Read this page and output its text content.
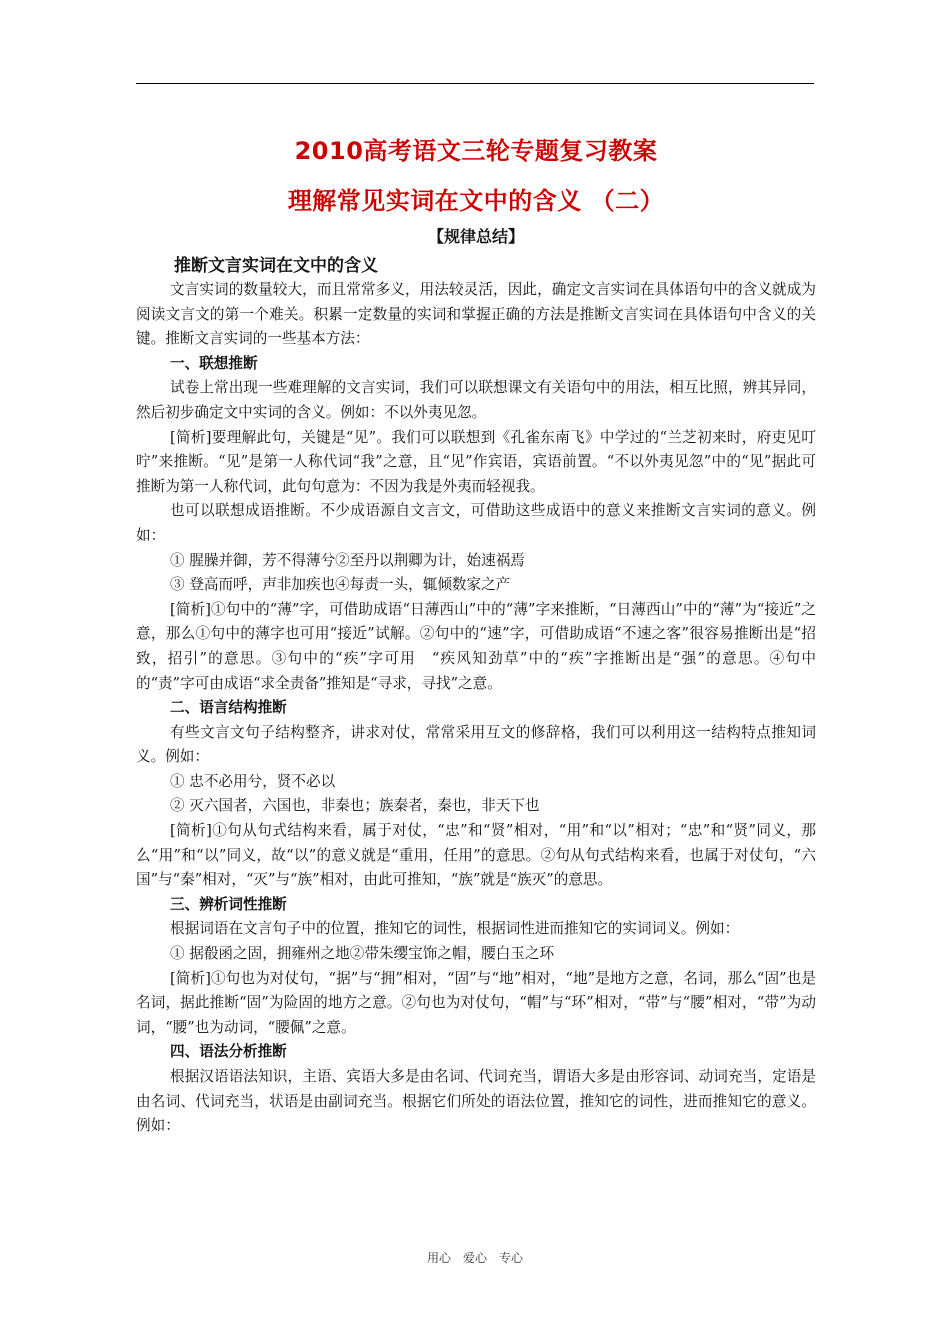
2010高考语文三轮专题复习教案
理解常见实词在文中的含义 （二）
【规律总结】
推断文言实词在文中的含义

文言实词的数量较大，而且常常多义，用法较灵活，因此，确定文言实词在具体语句中的含义就成为阅读文言文的第一个难关。积累一定数量的实词和掌握正确的方法是推断文言实词在具体语句中含义的关键。推断文言实词的一些基本方法：

一、联想推断

试卷上常出现一些难理解的文言实词，我们可以联想课文有关语句中的用法，相互比照，辨其异同，然后初步确定文中实词的含义。例如：不以外夷见忽。

[简析]要理解此句，关键是“见”。我们可以联想到《孔雀东南飞》中学过的“兰芝初来时，府吏见叮咛”来推断。“见”是第一人称代词“我”之意，且“见”作宾语，宾语前置。“不以外夷见忽”中的“见”据此可推断为第一人称代词，此句句意为：不因为我是外夷而轻视我。

也可以联想成语推断。不少成语源自文言文，可借助这些成语中的意义来推断文言实词的意义。例如：

① 腥臊并御，芳不得薄兮②至丹以荆卿为计，始速祸焉
③ 登高而呼，声非加疾也④每责一头，辄倾数家之产

[简析]①句中的“薄”字，可借助成语“日薄西山”中的“薄”字来推断，“日薄西山”中的“薄”为“接近”之意，那么①句中的薄字也可用“接近”试解。②句中的“速”字，可借助成语“不速之客”很容易推断出是“招致，招引”的意思。③句中的“疾”字可用　“疾风知劲草”中的“疾”字推断出是“强”的意思。④句中的“责”字可由成语“求全责备”推知是“寻求，寻找”之意。

二、语言结构推断

有些文言文句子结构整齐，讲求对仗，常常采用互文的修辞格，我们可以利用这一结构特点推知词义。例如：

① 忠不必用兮，贤不必以
② 灭六国者，六国也，非秦也；族秦者，秦也，非天下也

[简析]①句从句式结构来看，属于对仗，“忠”和“贤”相对，“用”和“以”相对；“忠”和“贤”同义，那么“用”和“以”同义，故“以”的意义就是“重用，任用”的意思。②句从句式结构来看，也属于对仗句，“六国”与“秦”相对，“灭”与“族”相对，由此可推知，“族”就是“族灭”的意思。

三、辨析词性推断

根据词语在文言句子中的位置，推知它的词性，根据词性进而推知它的实词词义。例如：

① 据殽函之固，拥雍州之地②带朱缨宝饰之帽，腰白玉之环

[简析]①句也为对仗句，“据”与“拥”相对，“固”与“地”相对，“地”是地方之意，名词，那么“固”也是名词，据此推断“固”为险固的地方之意。②句也为对仗句，“帽”与“环”相对，“带”与“腰”相对，“带”为动词，“腰”也为动词，“腰佩”之意。

四、语法分析推断

根据汉语语法知识，主语、宾语大多是由名词、代词充当，谓语大多是由形容词、动词充当，定语是由名词、代词充当，状语是由副词充当。根据它们所处的语法位置，推知它的词性，进而推知它的意义。例如：

用心　爱心　专心
